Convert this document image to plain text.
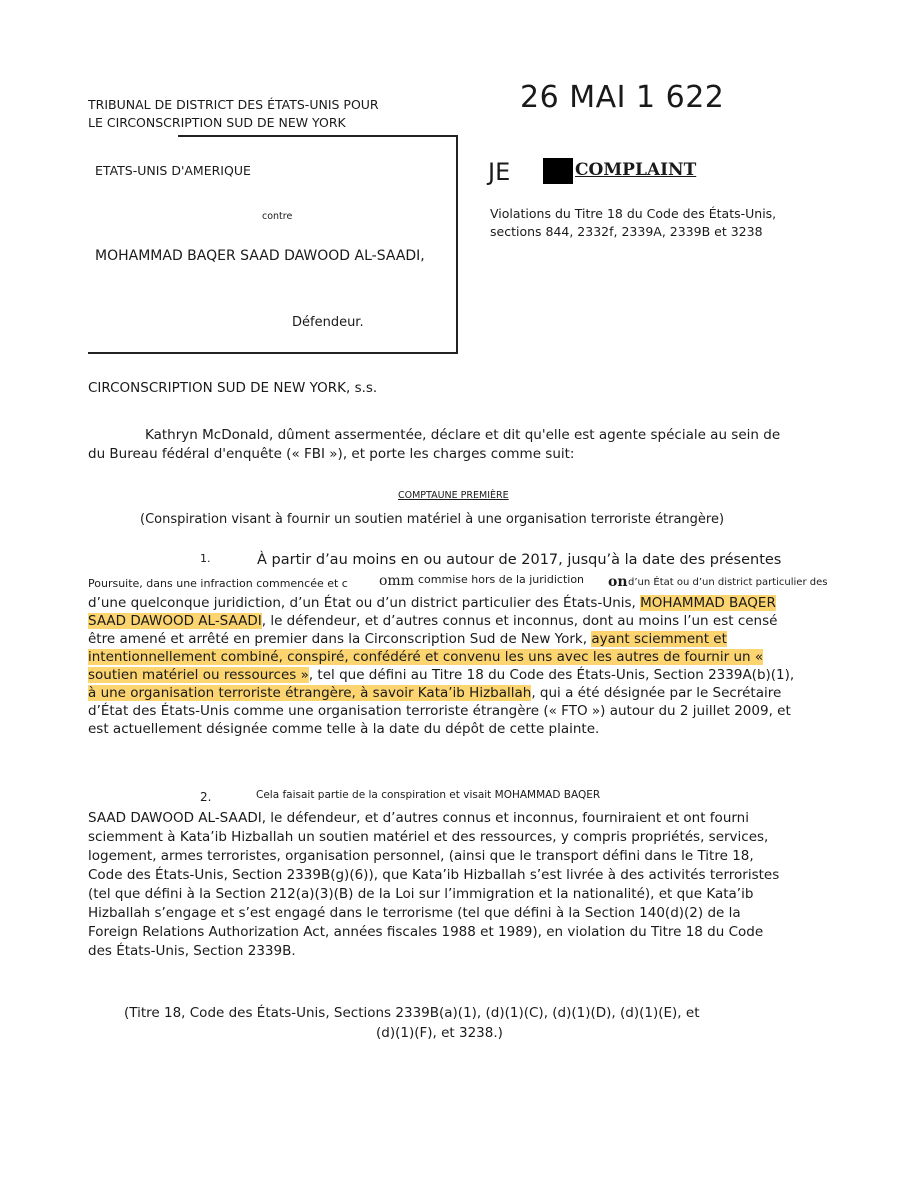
TRIBUNAL DE DISTRICT DES ÉTATS-UNIS POUR
LE CIRCONSCRIPTION SUD DE NEW YORK
26 MAI 1 622
ETATS-UNIS D'AMERIQUE
contre
MOHAMMAD BAQER SAAD DAWOOD AL-SAADI,
Défendeur.
JE	COMPLAINT
Violations du Titre 18 du Code des États-Unis,
sections 844, 2332f, 2339A, 2339B et 3238
CIRCONSCRIPTION SUD DE NEW YORK, s.s.
Kathryn McDonald, dûment assermentée, déclare et dit qu'elle est agente spéciale au sein de
du Bureau fédéral d'enquête (« FBI »), et porte les charges comme suit:
COMPTAUNE PREMIÈRE
(Conspiration visant à fournir un soutien matériel à une organisation terroriste étrangère)
1.	À partir d’au moins en ou autour de 2017, jusqu’à la date des présentes
Poursuite, dans une infraction commencée et c omm commise hors de la juridiction on d’un État ou d’un district particulier des
d’une quelconque juridiction, d’un État ou d’un district particulier des États-Unis, MOHAMMAD BAQER
SAAD DAWOOD AL-SAADI, le défendeur, et d’autres connus et inconnus, dont au moins l’un est censé
être amené et arrêté en premier dans la Circonscription Sud de New York, ayant sciemment et
intentionnellement combiné, conspiré, confédéré et convenu les uns avec les autres de fournir un «
soutien matériel ou ressources », tel que défini au Titre 18 du Code des États-Unis, Section 2339A(b)(1),
à une organisation terroriste étrangère, à savoir Kata’ib Hizballah, qui a été désignée par le Secrétaire
d’État des États-Unis comme une organisation terroriste étrangère (« FTO ») autour du 2 juillet 2009, et
est actuellement désignée comme telle à la date du dépôt de cette plainte.
2.	Cela faisait partie de la conspiration et visait MOHAMMAD BAQER
SAAD DAWOOD AL-SAADI, le défendeur, et d’autres connus et inconnus, fourniraient et ont fourni
sciemment à Kata’ib Hizballah un soutien matériel et des ressources, y compris propriétés, services,
logement, armes terroristes, organisation personnel, (ainsi que le transport défini dans le Titre 18,
Code des États-Unis, Section 2339B(g)(6)), que Kata’ib Hizballah s’est livrée à des activités terroristes
(tel que défini à la Section 212(a)(3)(B) de la Loi sur l’immigration et la nationalité), et que Kata’ib
Hizballah s’engage et s’est engagé dans le terrorisme (tel que défini à la Section 140(d)(2) de la
Foreign Relations Authorization Act, années fiscales 1988 et 1989), en violation du Titre 18 du Code
des États-Unis, Section 2339B.
(Titre 18, Code des États-Unis, Sections 2339B(a)(1), (d)(1)(C), (d)(1)(D), (d)(1)(E), et
(d)(1)(F), et 3238.)
